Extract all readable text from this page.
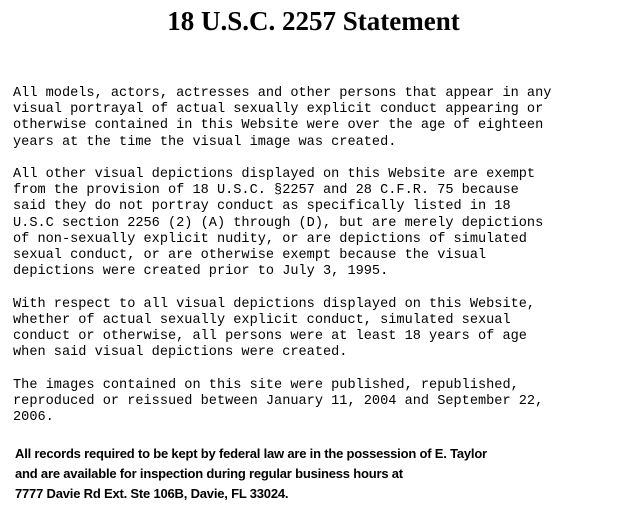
18 U.S.C. 2257 Statement
All models, actors, actresses and other persons that appear in any
visual portrayal of actual sexually explicit conduct appearing or
otherwise contained in this Website were over the age of eighteen
years at the time the visual image was created.
All other visual depictions displayed on this Website are exempt
from the provision of 18 U.S.C. §2257 and 28 C.F.R. 75 because
said they do not portray conduct as specifically listed in 18
U.S.C section 2256 (2) (A) through (D), but are merely depictions
of non-sexually explicit nudity, or are depictions of simulated
sexual conduct, or are otherwise exempt because the visual
depictions were created prior to July 3, 1995.
With respect to all visual depictions displayed on this Website,
whether of actual sexually explicit conduct, simulated sexual
conduct or otherwise, all persons were at least 18 years of age
when said visual depictions were created.
The images contained on this site were published, republished,
reproduced or reissued between January 11, 2004 and September 22,
2006.
All records required to be kept by federal law are in the possession of E. Taylor
and are available for inspection during regular business hours at
7777 Davie Rd Ext. Ste 106B, Davie, FL 33024.
